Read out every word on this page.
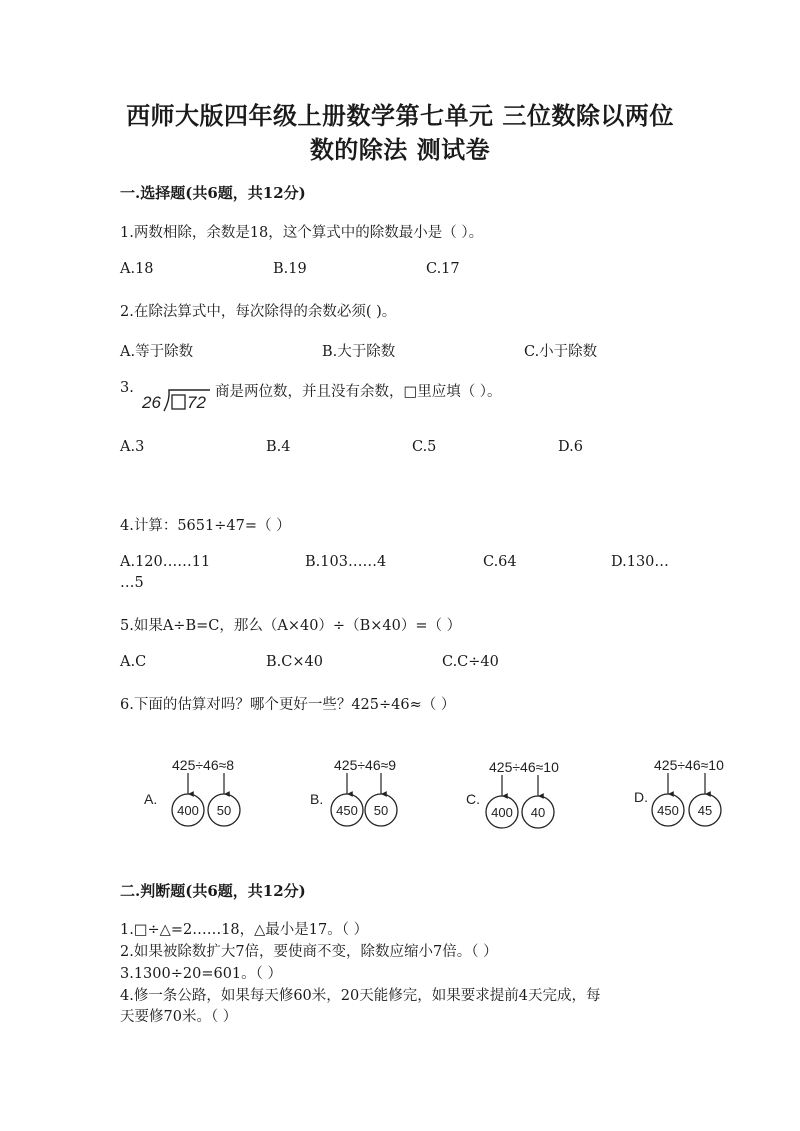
西师大版四年级上册数学第七单元 三位数除以两位
数的除法 测试卷
一.选择题(共6题，共12分)
1.两数相除，余数是18，这个算式中的除数最小是（ ）。
A.18	B.19	C.17
2.在除法算式中，每次除得的余数必须( )。
A.等于除数	B.大于除数	C.小于除数
3.
26 72
商是两位数，并且没有余数，□里应填（ ）。
A.3	B.4	C.5	D.6
4.计算：5651÷47=（ ）
A.120……11	B.103……4	C.64	D.130…
…5
5.如果A÷B=C，那么（A×40）÷（B×40）=（ ）
A.C	B.C×40	C.C÷40
6.下面的估算对吗？哪个更好一些？425÷46≈（ ）
A.
425÷46≈8
400 50
B.
425÷46≈9
450 50
C.
425÷46≈10
400 40
D.
425÷46≈10
450 45
二.判断题(共6题，共12分)
1.□÷△=2……18，△最小是17。（ ）
2.如果被除数扩大7倍，要使商不变，除数应缩小7倍。（ ）
3.1300÷20=601。（ ）
4.修一条公路，如果每天修60米，20天能修完，如果要求提前4天完成，每
天要修70米。（ ）
